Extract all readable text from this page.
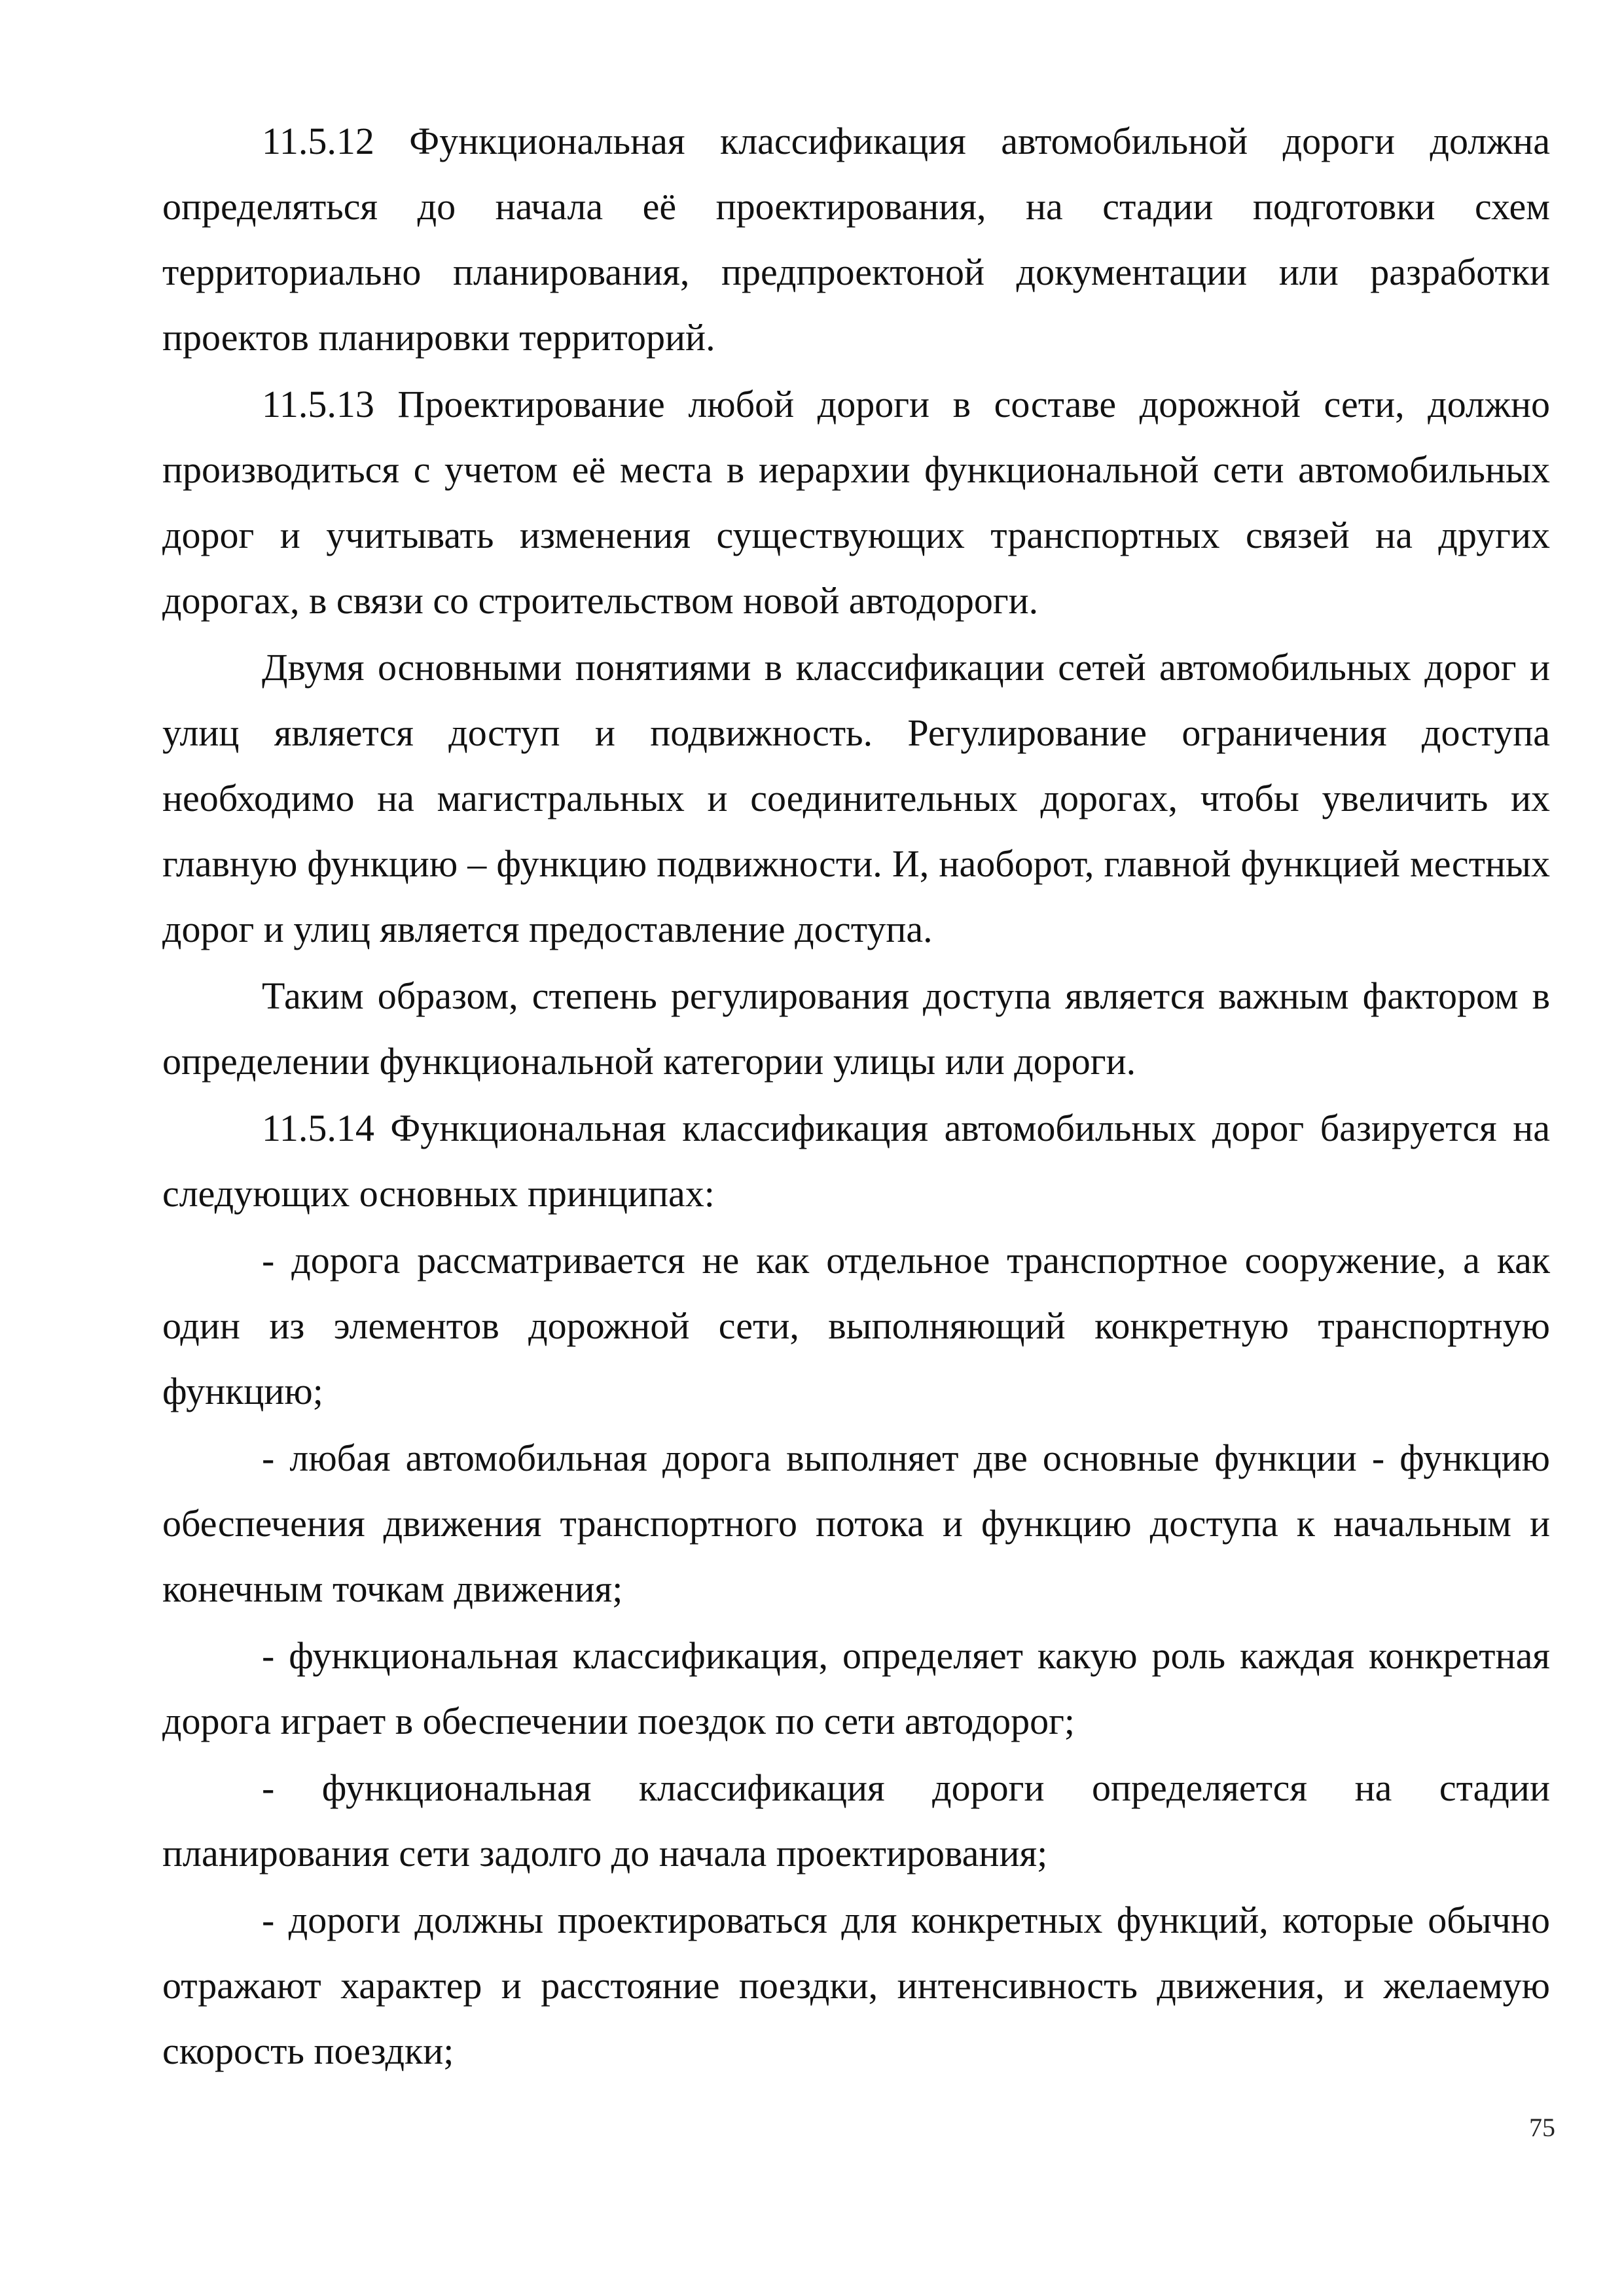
11.5.12 Функциональная классификация автомобильной дороги должна определяться до начала её проектирования, на стадии подготовки схем территориально планирования, предпроектоной документации или разработки проектов планировки территорий.

11.5.13 Проектирование любой дороги в составе дорожной сети, должно производиться с учетом её места в иерархии функциональной сети автомобильных дорог и учитывать изменения существующих транспортных связей на других дорогах, в связи со строительством новой автодороги.

Двумя основными понятиями в классификации сетей автомобильных дорог и улиц является доступ и подвижность. Регулирование ограничения доступа необходимо на магистральных и соединительных дорогах, чтобы увеличить их главную функцию – функцию подвижности. И, наоборот, главной функцией местных дорог и улиц является предоставление доступа.

Таким образом, степень регулирования доступа является важным фактором в определении функциональной категории улицы или дороги.

11.5.14 Функциональная классификация автомобильных дорог базируется на следующих основных принципах:

- дорога рассматривается не как отдельное транспортное сооружение, а как один из элементов дорожной сети, выполняющий конкретную транспортную функцию;

- любая автомобильная дорога выполняет две основные функции - функцию обеспечения движения транспортного потока и функцию доступа к начальным и конечным точкам движения;

- функциональная классификация, определяет какую роль каждая конкретная дорога играет в обеспечении поездок по сети автодорог;

- функциональная классификация дороги определяется на стадии планирования сети задолго до начала проектирования;

- дороги должны проектироваться для конкретных функций, которые обычно отражают характер и расстояние поездки, интенсивность движения, и желаемую скорость поездки;

75
